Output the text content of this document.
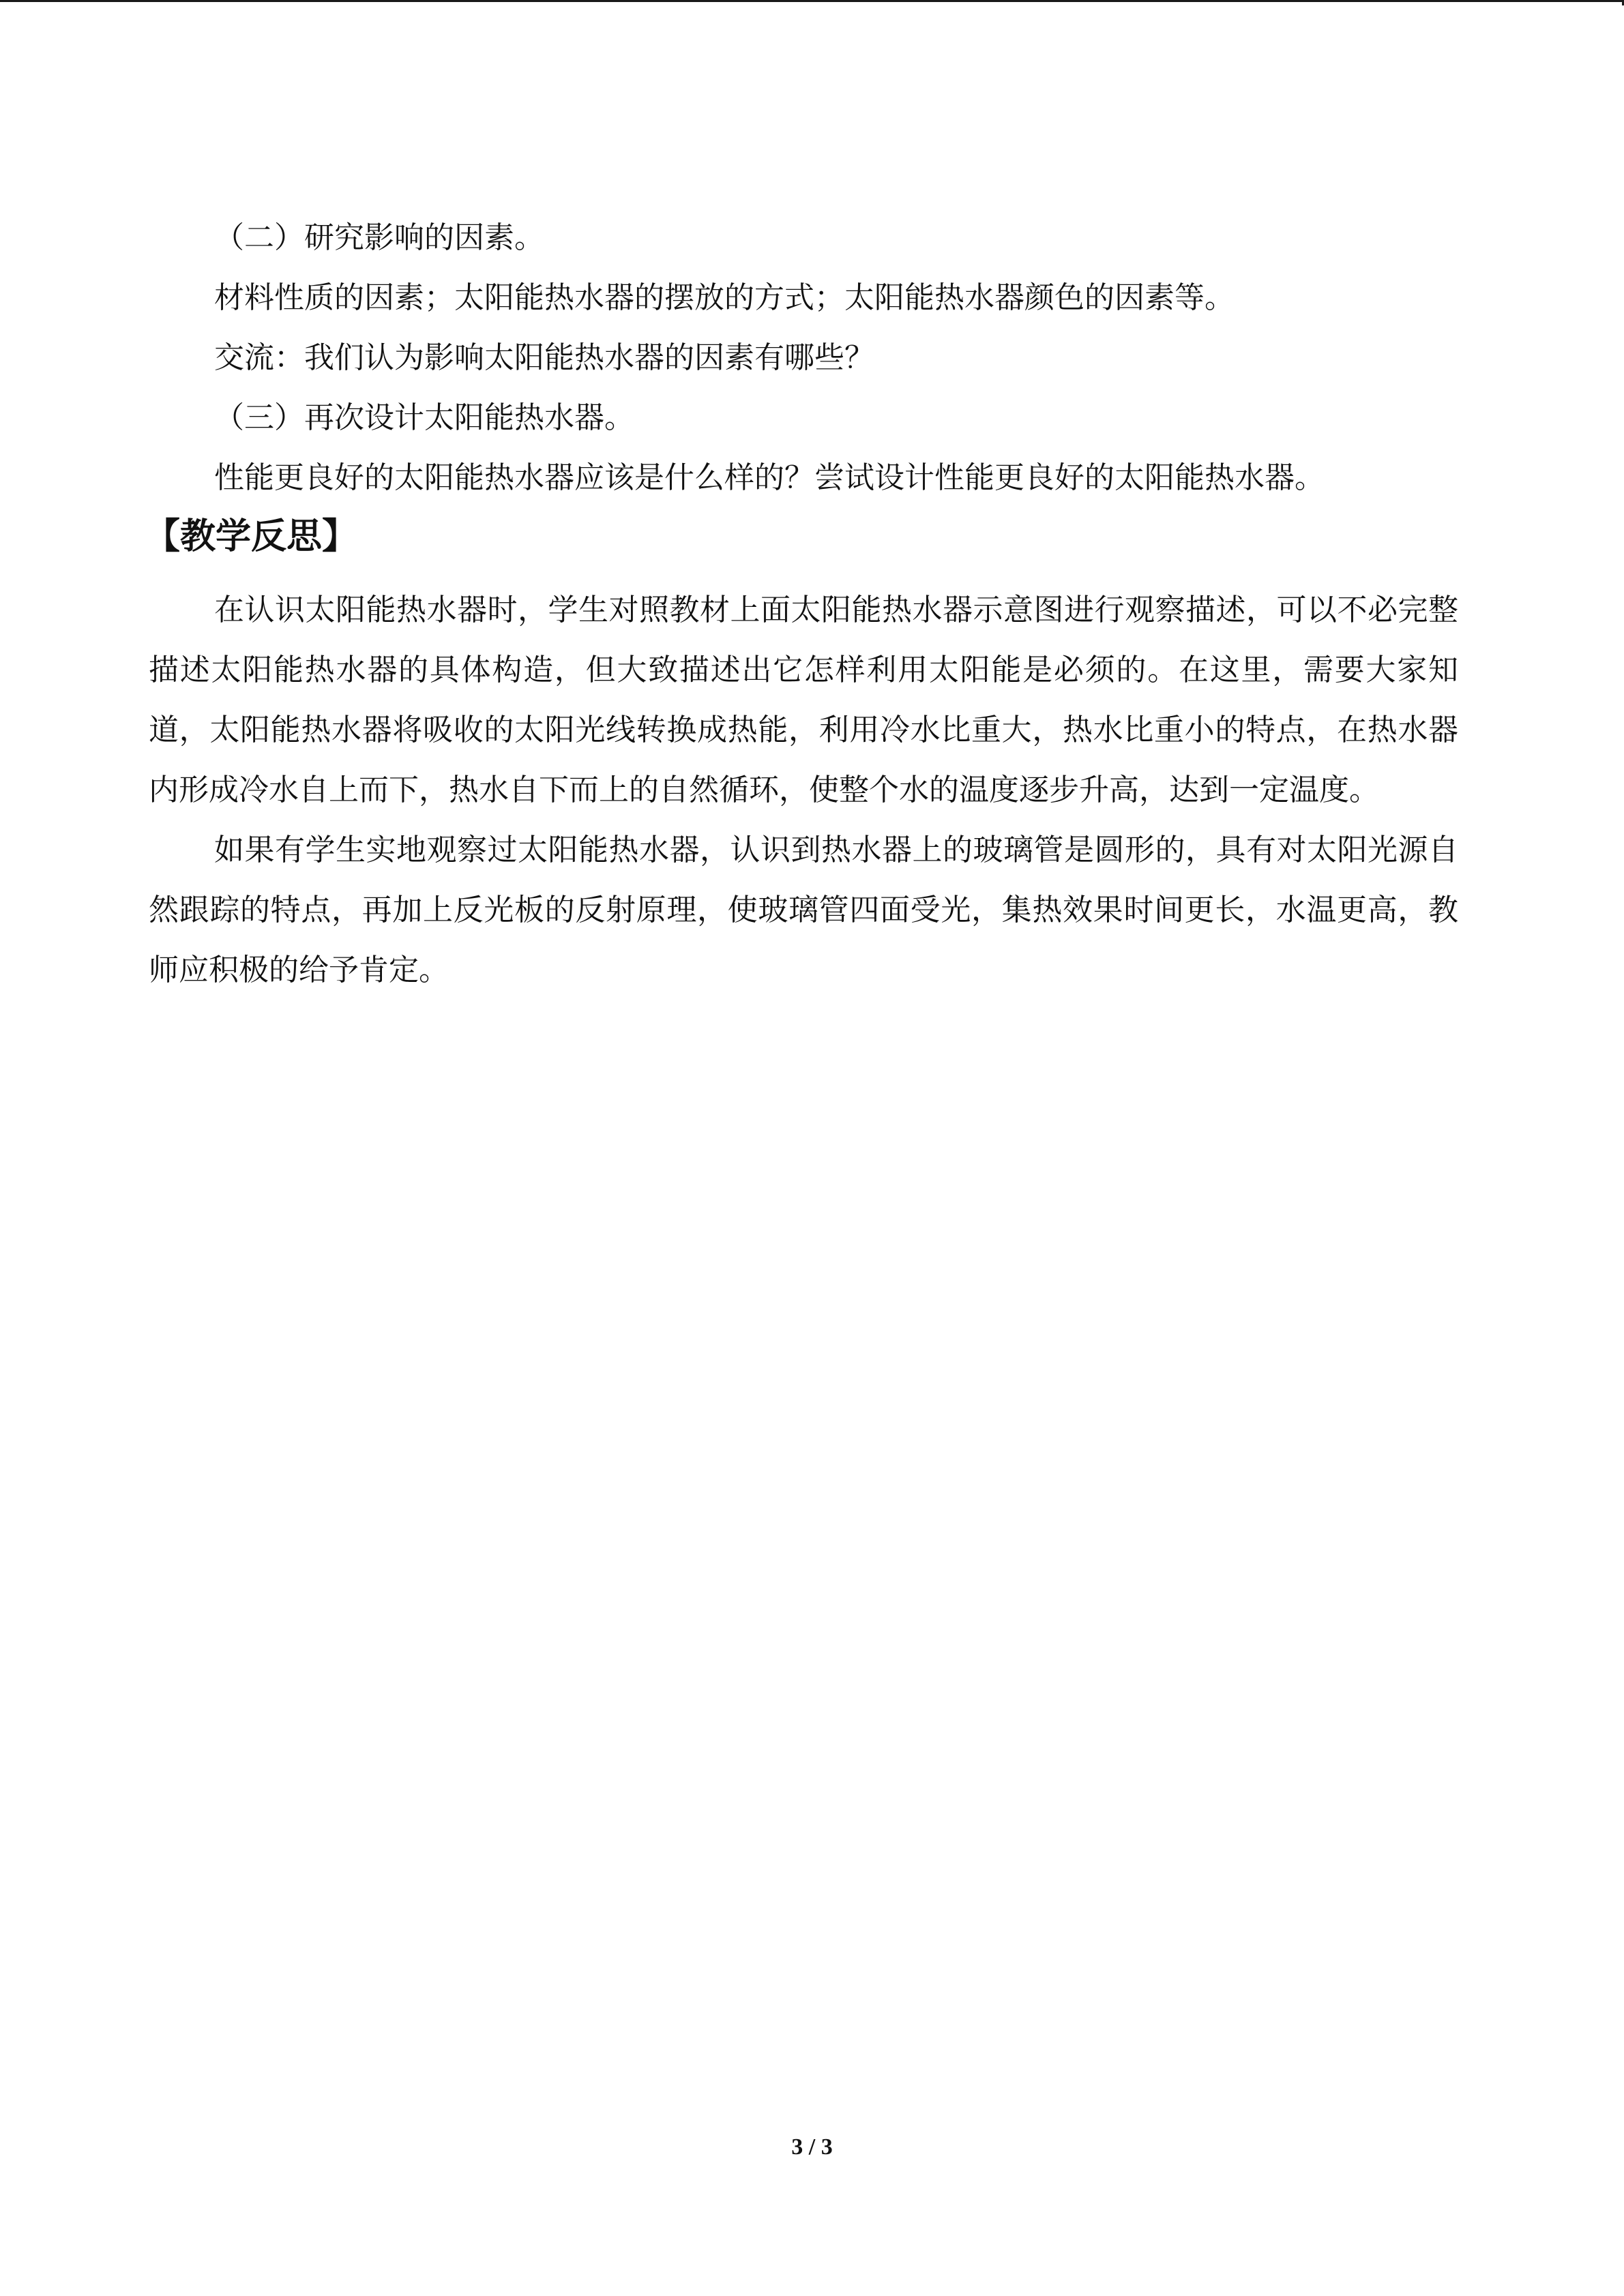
（二）研究影响的因素。

材料性质的因素；太阳能热水器的摆放的方式；太阳能热水器颜色的因素等。

交流：我们认为影响太阳能热水器的因素有哪些？

（三）再次设计太阳能热水器。

性能更良好的太阳能热水器应该是什么样的？尝试设计性能更良好的太阳能热水器。

【教学反思】

在认识太阳能热水器时，学生对照教材上面太阳能热水器示意图进行观察描述，可以不必完整描述太阳能热水器的具体构造，但大致描述出它怎样利用太阳能是必须的。在这里，需要大家知道，太阳能热水器将吸收的太阳光线转换成热能，利用冷水比重大，热水比重小的特点，在热水器内形成冷水自上而下，热水自下而上的自然循环，使整个水的温度逐步升高，达到一定温度。

如果有学生实地观察过太阳能热水器，认识到热水器上的玻璃管是圆形的，具有对太阳光源自然跟踪的特点，再加上反光板的反射原理，使玻璃管四面受光，集热效果时间更长，水温更高，教师应积极的给予肯定。

3 / 3
